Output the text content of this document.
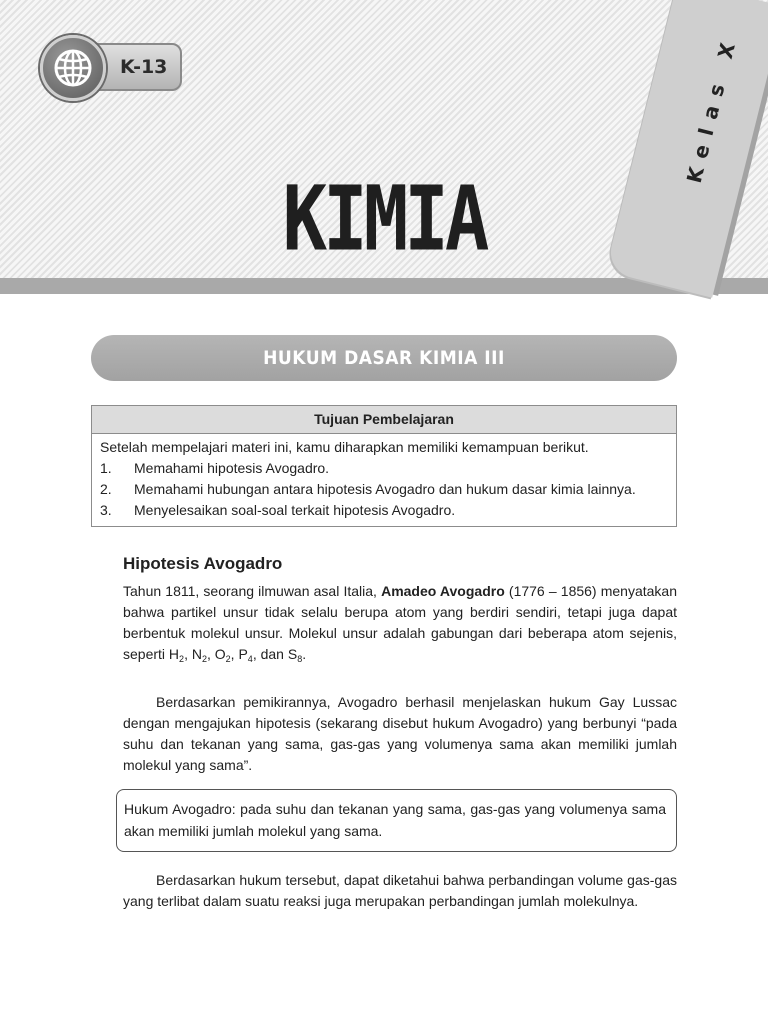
K-13
KIMIA
Kelas X
HUKUM DASAR KIMIA III
Tujuan Pembelajaran
Setelah mempelajari materi ini, kamu diharapkan memiliki kemampuan berikut.
1.	Memahami hipotesis Avogadro.
2.	Memahami hubungan antara hipotesis Avogadro dan hukum dasar kimia lainnya.
3.	Menyelesaikan soal-soal terkait hipotesis Avogadro.
Hipotesis Avogadro
Tahun 1811, seorang ilmuwan asal Italia, Amadeo Avogadro (1776 – 1856) menyatakan bahwa partikel unsur tidak selalu berupa atom yang berdiri sendiri, tetapi juga dapat berbentuk molekul unsur. Molekul unsur adalah gabungan dari beberapa atom sejenis, seperti $H_2$, $N_2$, $O_2$, $P_4$, dan $S_8$.
Berdasarkan pemikirannya, Avogadro berhasil menjelaskan hukum Gay Lussac dengan mengajukan hipotesis (sekarang disebut hukum Avogadro) yang berbunyi “pada suhu dan tekanan yang sama, gas-gas yang volumenya sama akan memiliki jumlah molekul yang sama”.
Hukum Avogadro: pada suhu dan tekanan yang sama, gas-gas yang volumenya sama akan memiliki jumlah molekul yang sama.
Berdasarkan hukum tersebut, dapat diketahui bahwa perbandingan volume gas-gas yang terlibat dalam suatu reaksi juga merupakan perbandingan jumlah molekulnya.
